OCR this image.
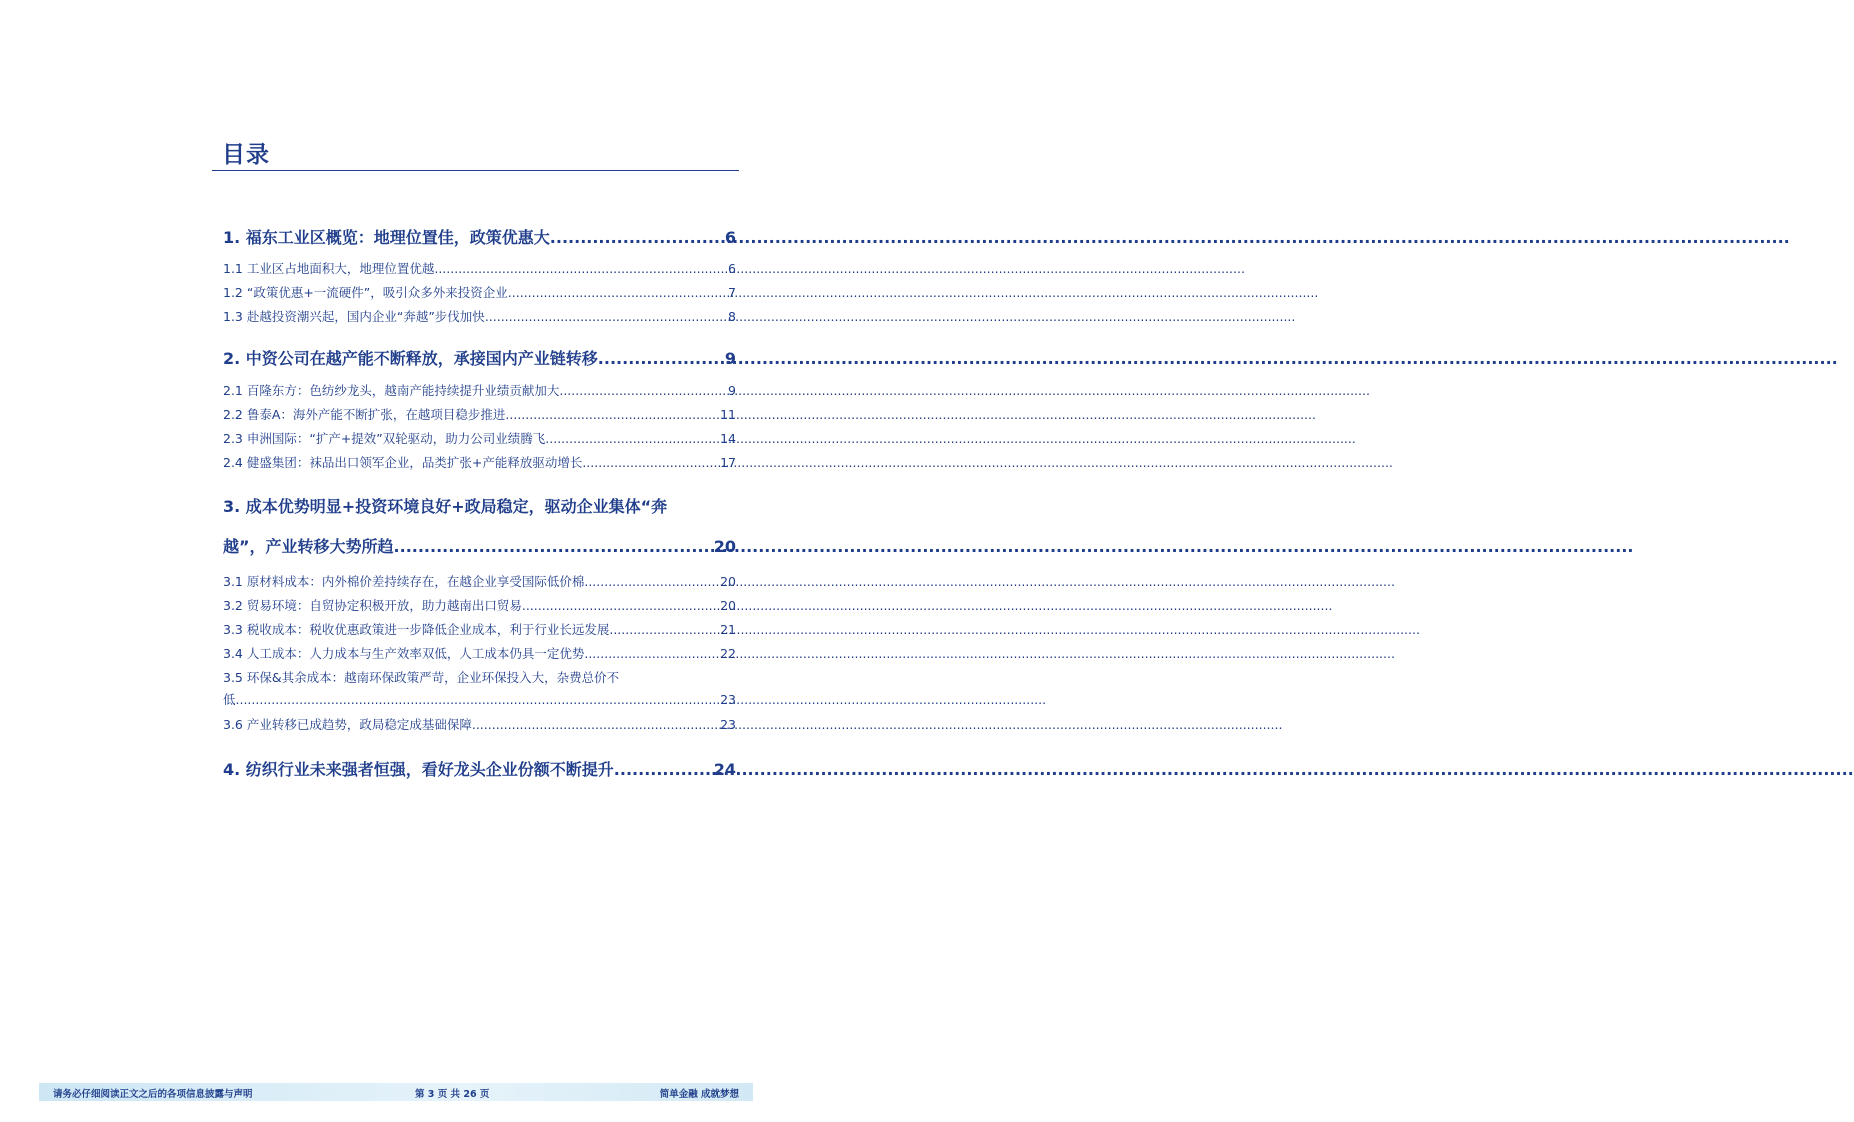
目录
1. 福东工业区概览：地理位置佳，政策优惠大 .....	6
1.1 工业区占地面积大，地理位置优越 .....	6
1.2 “政策优惠+一流硬件”，吸引众多外来投资企业 .....	7
1.3 赴越投资潮兴起，国内企业“奔越”步伐加快 .....	8
2. 中资公司在越产能不断释放，承接国内产业链转移 .....	9
2.1 百隆东方：色纺纱龙头，越南产能持续提升业绩贡献加大 .....	9
2.2 鲁泰A：海外产能不断扩张，在越项目稳步推进 .....	11
2.3 申洲国际：“扩产+提效”双轮驱动，助力公司业绩腾飞 .....	14
2.4 健盛集团：袜品出口领军企业，品类扩张+产能释放驱动增长 .....	17
3. 成本优势明显+投资环境良好+政局稳定，驱动企业集体“奔
越”，产业转移大势所趋 .....	20
3.1 原材料成本：内外棉价差持续存在，在越企业享受国际低价棉 .....	20
3.2 贸易环境：自贸协定积极开放，助力越南出口贸易 .....	20
3.3 税收成本：税收优惠政策进一步降低企业成本，利于行业长远发展 .....	21
3.4 人工成本：人力成本与生产效率双低，人工成本仍具一定优势 .....	22
3.5 环保&其余成本：越南环保政策严苛，企业环保投入大，杂费总价不
低 .....	23
3.6 产业转移已成趋势，政局稳定成基础保障 .....	23
4. 纺织行业未来强者恒强，看好龙头企业份额不断提升 .....	24
请务必仔细阅读正文之后的各项信息披露与声明	第 3 页 共 26 页	简单金融 成就梦想
